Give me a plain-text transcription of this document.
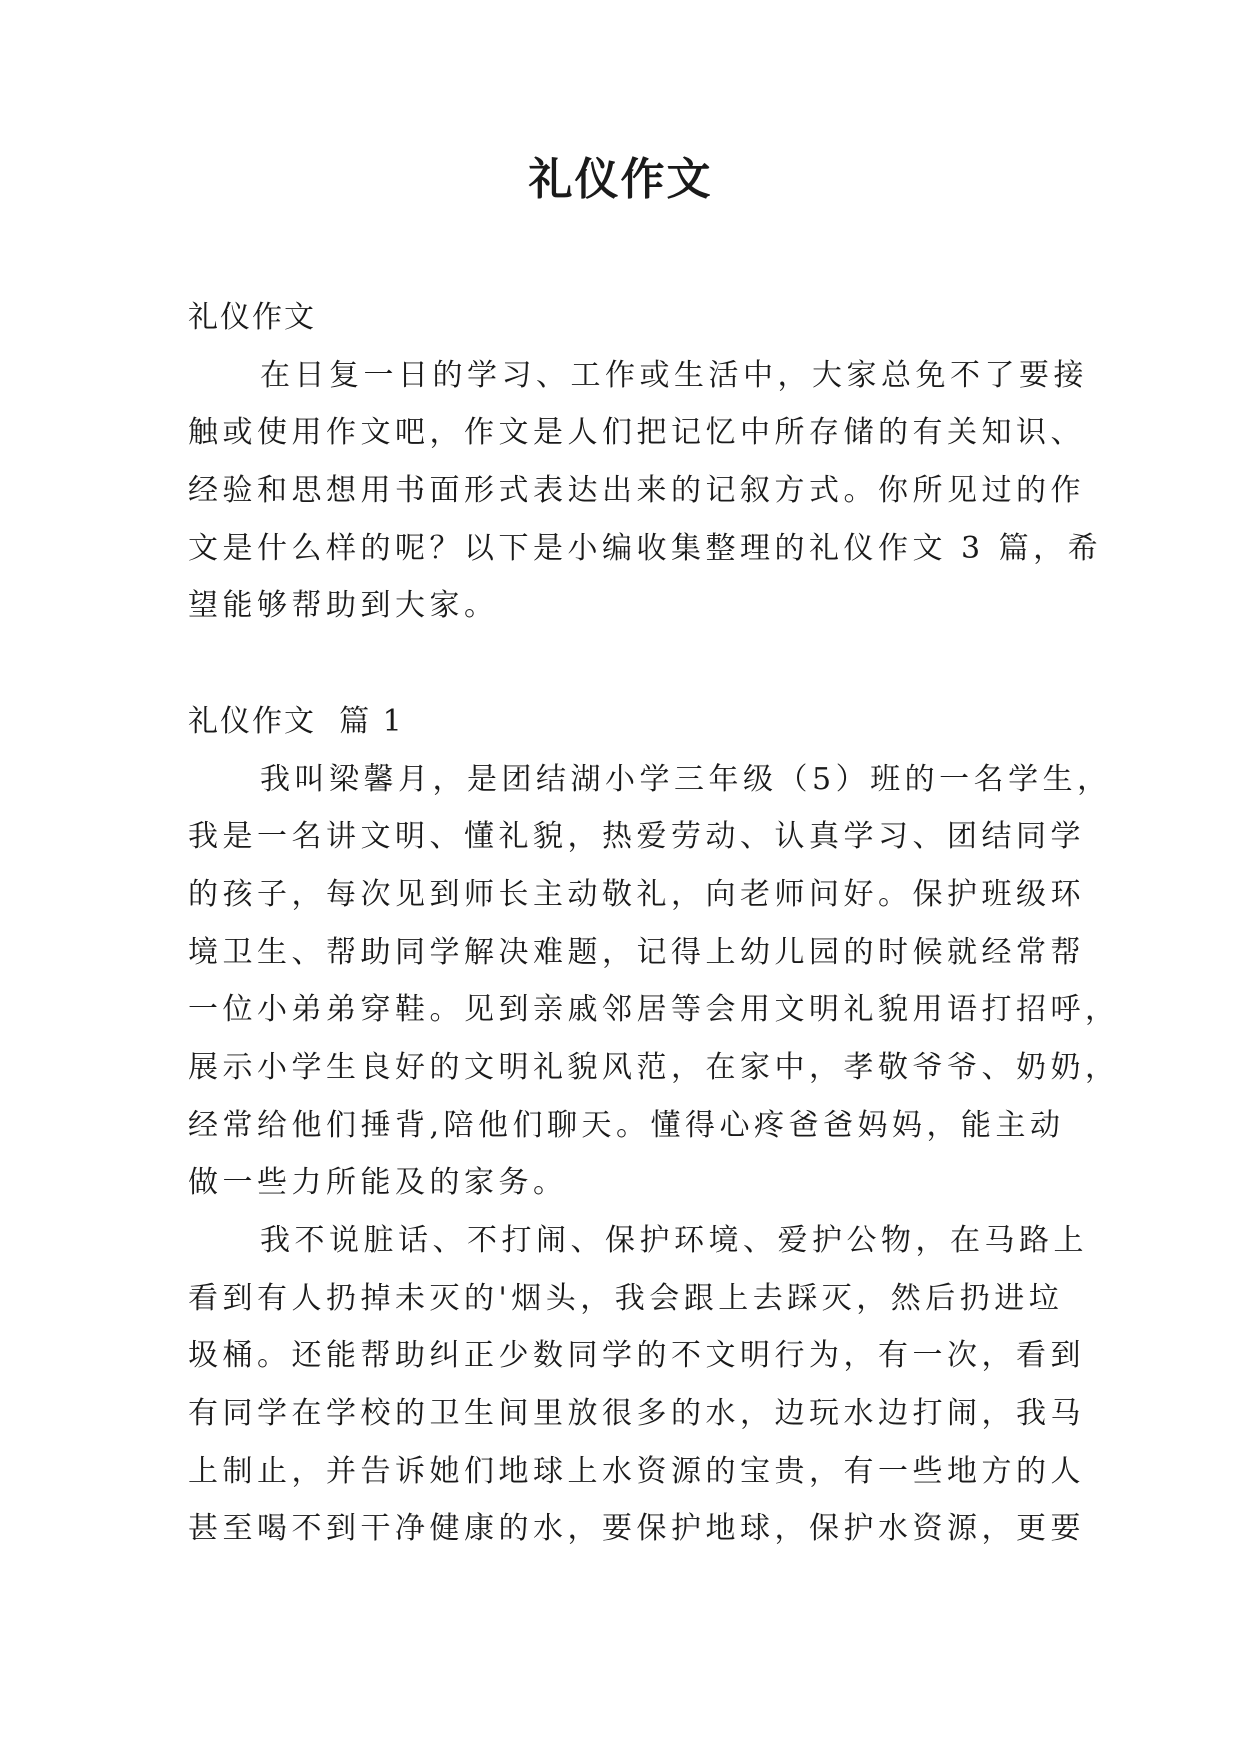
礼仪作文
礼仪作文
在日复一日的学习、工作或生活中，大家总免不了要接
触或使用作文吧，作文是人们把记忆中所存储的有关知识、
经验和思想用书面形式表达出来的记叙方式。你所见过的作
文是什么样的呢？以下是小编收集整理的礼仪作文 3 篇，希
望能够帮助到大家。
礼仪作文  篇 1
我叫梁馨月，是团结湖小学三年级（5）班的一名学生，
我是一名讲文明、懂礼貌，热爱劳动、认真学习、团结同学
的孩子，每次见到师长主动敬礼，向老师问好。保护班级环
境卫生、帮助同学解决难题，记得上幼儿园的时候就经常帮
一位小弟弟穿鞋。见到亲戚邻居等会用文明礼貌用语打招呼，
展示小学生良好的文明礼貌风范，在家中，孝敬爷爷、奶奶，
经常给他们捶背,陪他们聊天。懂得心疼爸爸妈妈，能主动
做一些力所能及的家务。
我不说脏话、不打闹、保护环境、爱护公物，在马路上
看到有人扔掉未灭的'烟头，我会跟上去踩灭，然后扔进垃
圾桶。还能帮助纠正少数同学的不文明行为，有一次，看到
有同学在学校的卫生间里放很多的水，边玩水边打闹，我马
上制止，并告诉她们地球上水资源的宝贵，有一些地方的人
甚至喝不到干净健康的水，要保护地球，保护水资源，更要
